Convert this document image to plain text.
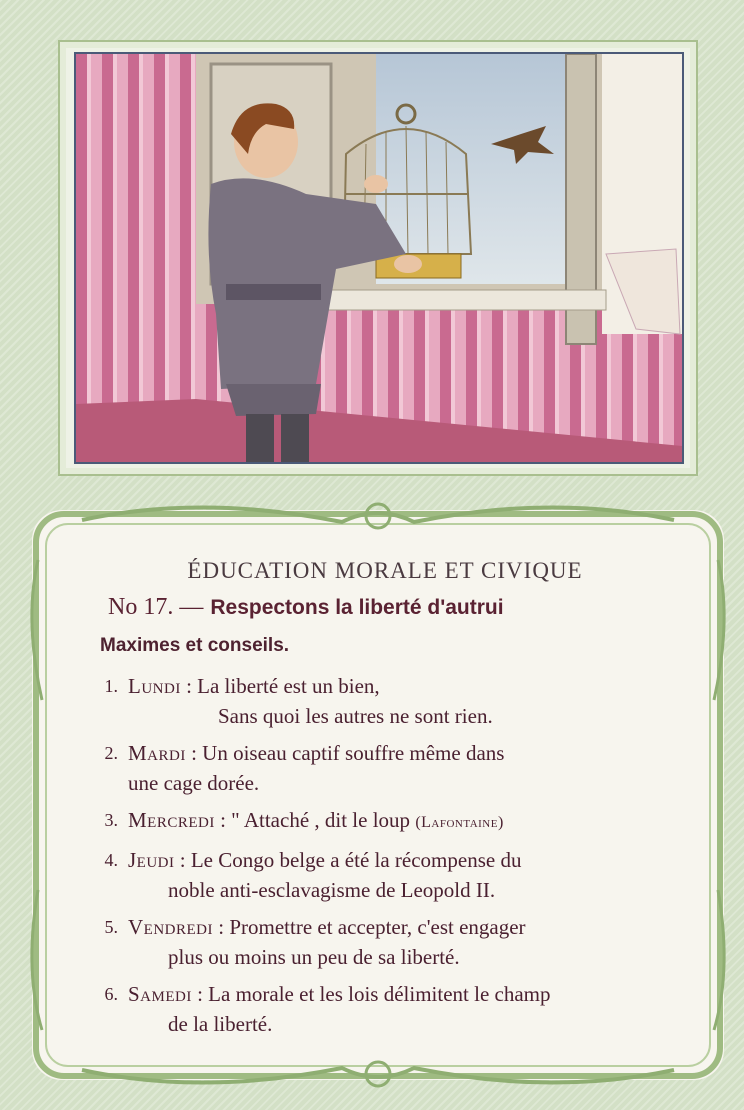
ÉDUCATION MORALE ET CIVIQUE
No 17. — Respectons la liberté d'autrui
Maximes et conseils.
1. Lundi : La liberté est un bien,
Sans quoi les autres ne sont rien.
2. Mardi : Un oiseau captif souffre même dans
une cage dorée.
3. Mercredi : " Attaché , dit le loup (Lafontaine)
4. Jeudi : Le Congo belge a été la récompense du
noble anti-esclavagisme de Leopold II.
5. Vendredi : Promettre et accepter, c'est engager
plus ou moins un peu de sa liberté.
6. Samedi : La morale et les lois délimitent le champ
de la liberté.
